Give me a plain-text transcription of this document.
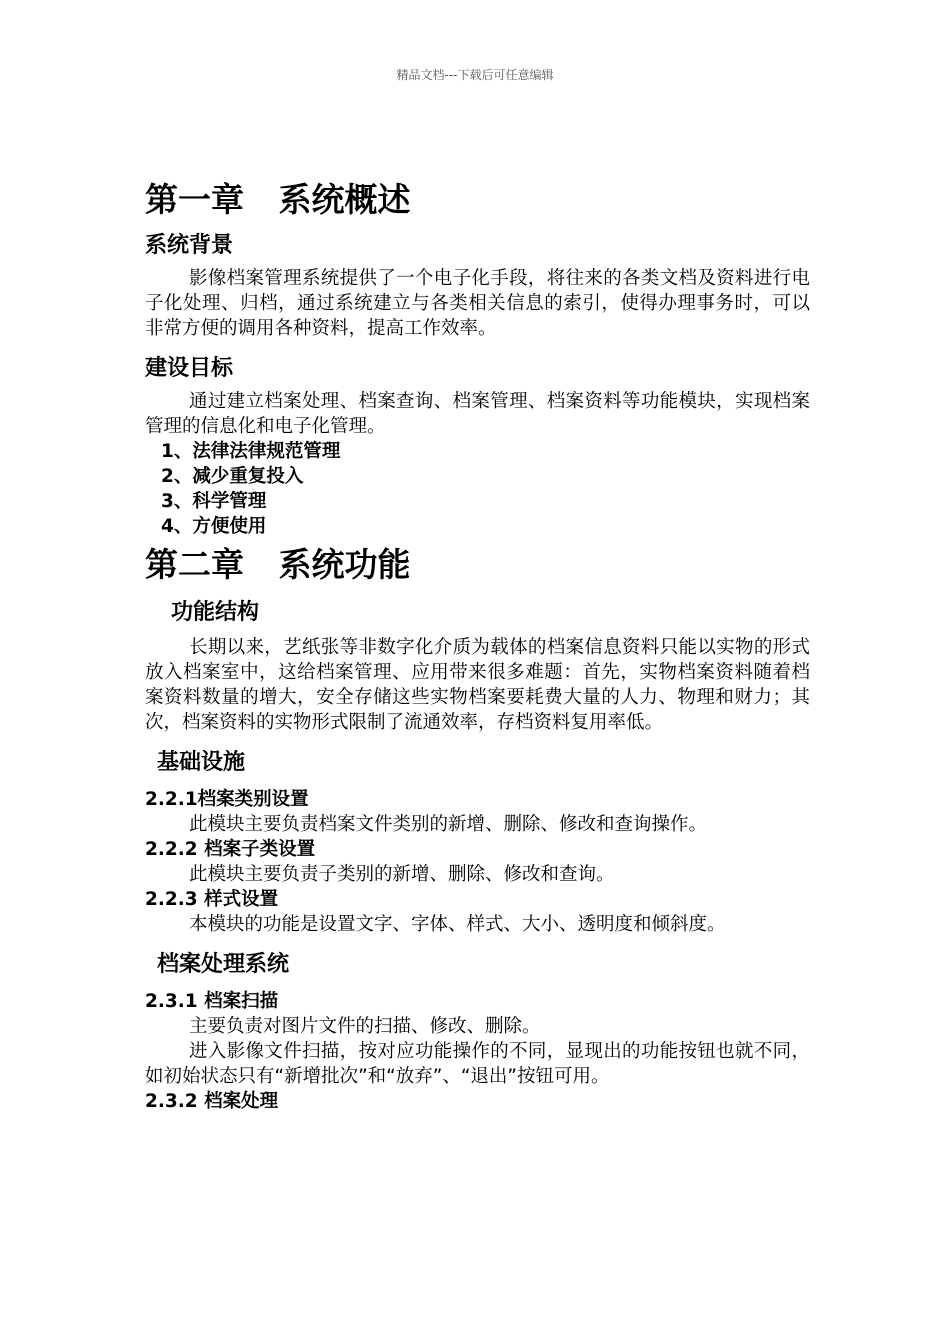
精品文档---下载后可任意编辑
第一章   系统概述
系统背景

影像档案管理系统提供了一个电子化手段，将往来的各类文档及资料进行电子化处理、归档，通过系统建立与各类相关信息的索引，使得办理事务时，可以非常方便的调用各种资料，提高工作效率。

建设目标

通过建立档案处理、档案查询、档案管理、档案资料等功能模块，实现档案管理的信息化和电子化管理。

1、法律法律规范管理

2、减少重复投入

3、科学管理

4、方便使用

第二章   系统功能
功能结构

长期以来，艺纸张等非数字化介质为载体的档案信息资料只能以实物的形式放入档案室中，这给档案管理、应用带来很多难题：首先，实物档案资料随着档案资料数量的增大，安全存储这些实物档案要耗费大量的人力、物理和财力；其次，档案资料的实物形式限制了流通效率，存档资料复用率低。

基础设施

2.2.1档案类别设置

此模块主要负责档案文件类别的新增、删除、修改和查询操作。

2.2.2 档案子类设置

此模块主要负责子类别的新增、删除、修改和查询。

2.2.3 样式设置

本模块的功能是设置文字、字体、样式、大小、透明度和倾斜度。

档案处理系统

2.3.1 档案扫描

主要负责对图片文件的扫描、修改、删除。

进入影像文件扫描，按对应功能操作的不同，显现出的功能按钮也就不同，如初始状态只有“新增批次”和“放弃”、“退出”按钮可用。

2.3.2 档案处理
